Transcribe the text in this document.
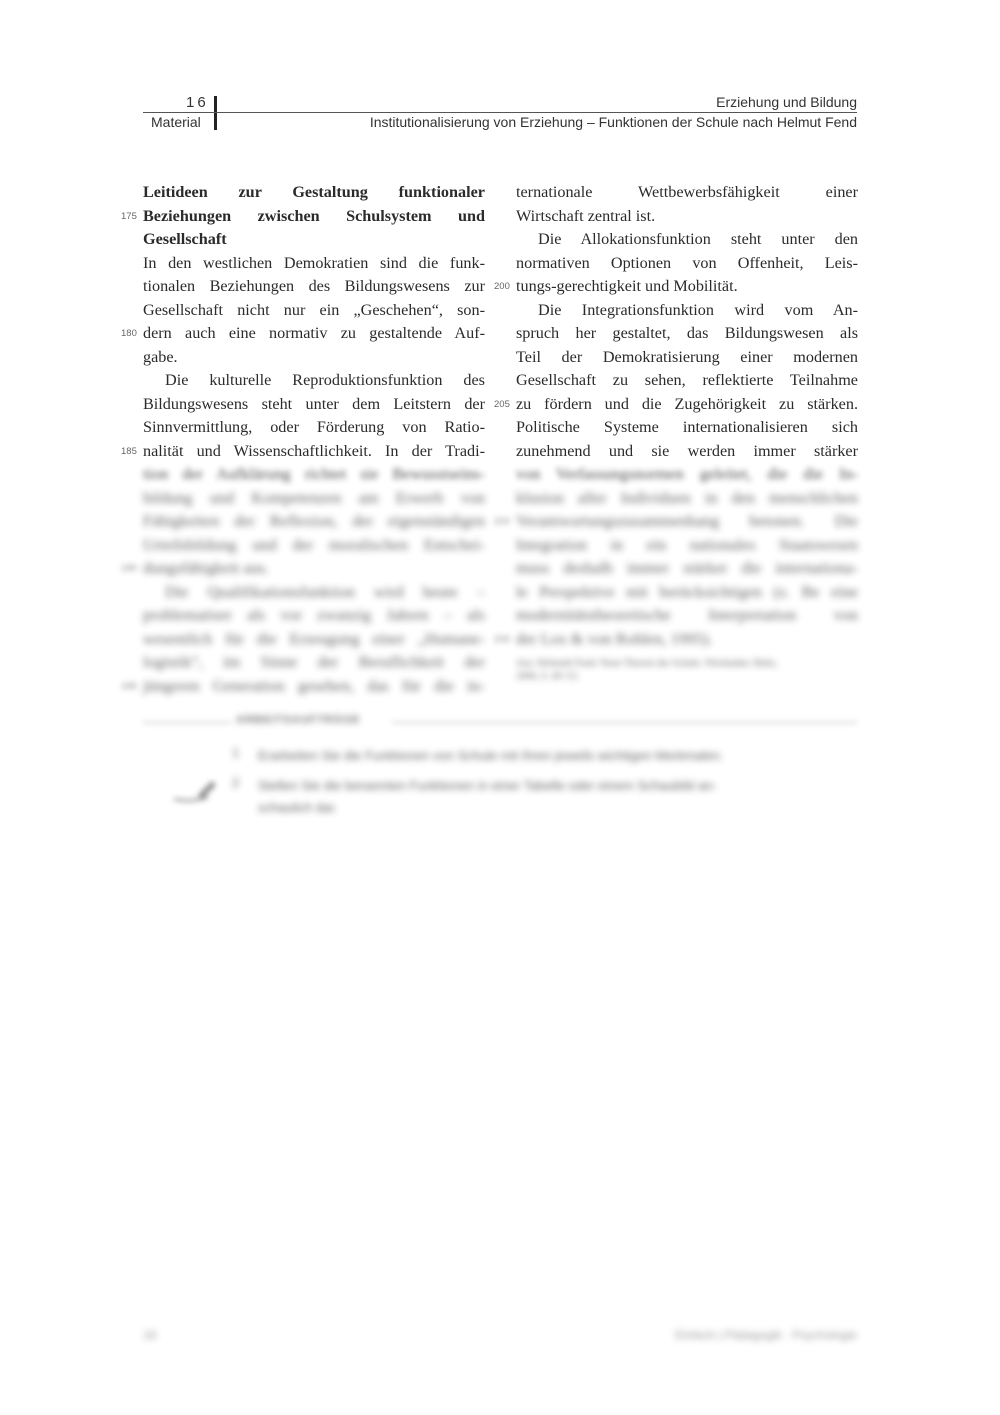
16
Material
Erziehung und Bildung
Institutionalisierung von Erziehung – Funktionen der Schule nach Helmut Fend
175
180
185
190
195
200
205
210
215
Leitideen zur Gestaltung funktionaler
Beziehungen zwischen Schulsystem und
Gesellschaft
In den westlichen Demokratien sind die funk-
tionalen Beziehungen des Bildungswesens zur
Gesellschaft nicht nur ein „Geschehen“, son-
dern auch eine normativ zu gestaltende Auf-
gabe.
Die kulturelle Reproduktionsfunktion des
Bildungswesens steht unter dem Leitstern der
Sinnvermittlung, oder Förderung von Ratio-
nalität und Wissenschaftlichkeit. In der Tradi-
tion der Aufklärung richtet sie Bewusstseins-
bildung und Kompetenzen am Erwerb von
Fähigkeiten der Reflexion, der eigenständigen
Urteilsbildung und der moralischen Entschei-
dungsfähigkeit aus.
Die Qualifikationsfunktion wird heute –
problematiser als vor zwanzig Jahren – als
wesentlich für die Erzeugung einer „Humane-
logistik“, im Sinne der Beruflichkeit der
jüngeren Generation gesehen, das für die in-
ternationale Wettbewerbsfähigkeit einer
Wirtschaft zentral ist.
Die Allokationsfunktion steht unter den
normativen Optionen von Offenheit, Leis-
tungs-gerechtigkeit und Mobilität.
Die Integrationsfunktion wird vom An-
spruch her gestaltet, das Bildungswesen als
Teil der Demokratisierung einer modernen
Gesellschaft zu sehen, reflektierte Teilnahme
zu fördern und die Zugehörigkeit zu stärken.
Politische Systeme internationalisieren sich
zunehmend und sie werden immer stärker
von Verfassungsnormen geleitet, die die In-
klusion aller Individuen in den menschlichen
Verantwortungszusammenhang betonen. Die
Integration in ein nationales Staatswesen
muss deshalb immer stärker die internationa-
le Perspektive mit berücksichtigen (z. Be eine
modernitätstheoretische Interpretation von
der Lox & von Rohlen, 1995).
Aus: Helmuth Fend: Neue Theorie der Schule. Wiesbaden: Beltz,
2006, S. 49–53.
ARBEITSAUFTRÄGE
1 Erarbeiten Sie die Funktionen von Schule mit Ihren jeweils wichtigen Merkmalen.
2 Stellen Sie die benannten Funktionen in einer Tabelle oder einem Schaubild an-
schaulich dar.
16	Einfach | Pädagogik · Psychologie
